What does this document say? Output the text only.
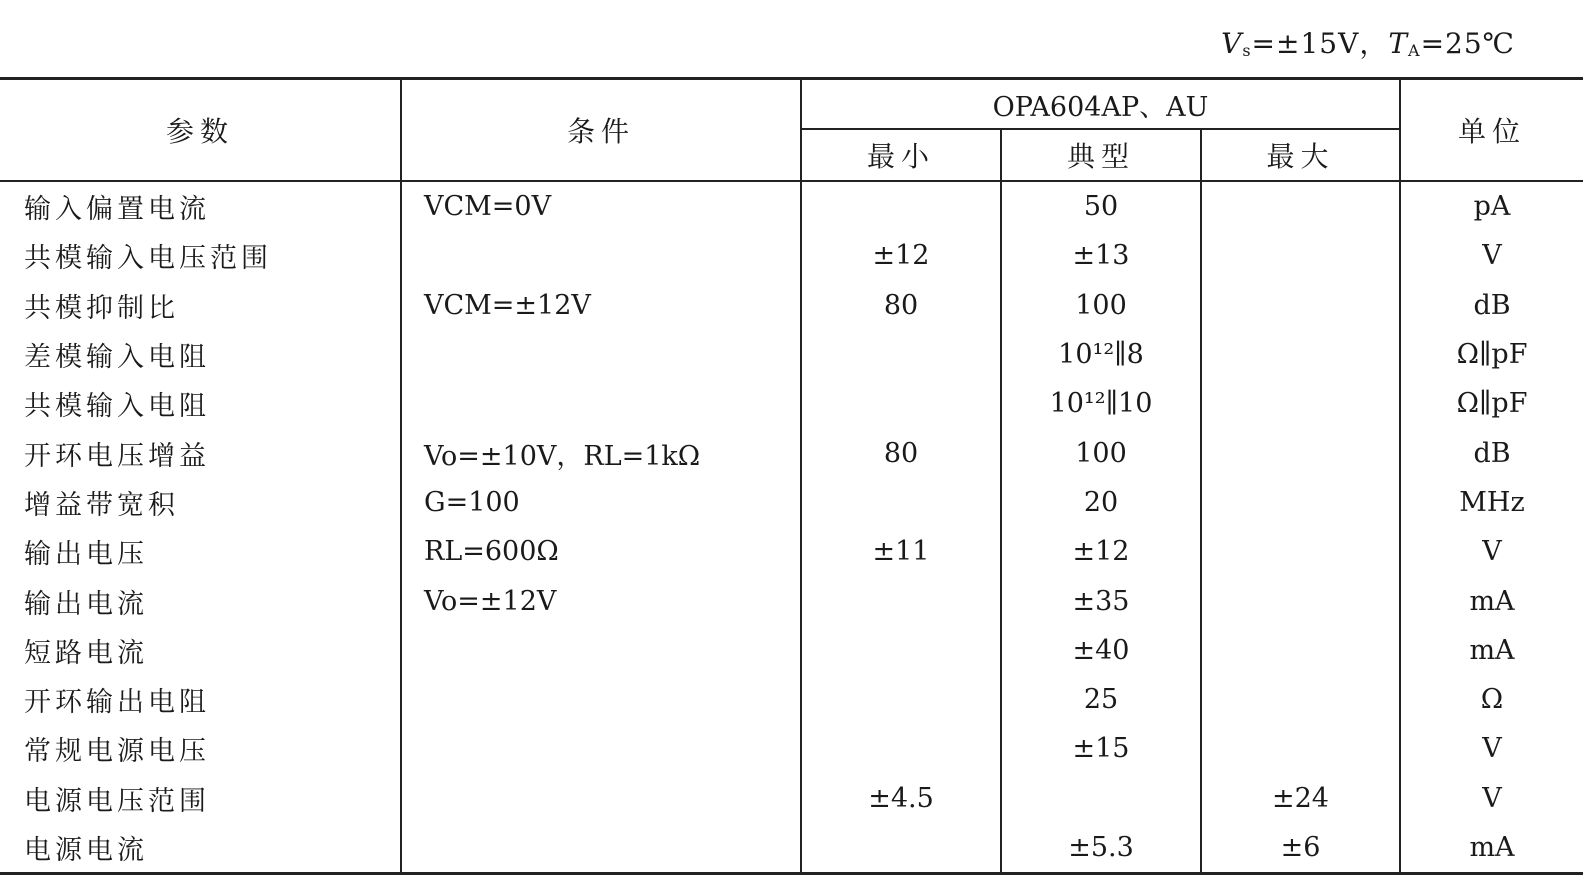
$V_s=\pm 15V$，$T_A=25℃$
参数	条件	OPA604AP、AU			单位
		最小	典型	最大	
输入偏置电流	VCM=0V		50		pA
共模输入电压范围		±12	±13		V
共模抑制比	VCM=±12V	80	100		dB
差模输入电阻			10¹²∥8		Ω∥pF
共模输入电阻			10¹²∥10		Ω∥pF
开环电压增益	Vo=±10V，RL=1kΩ	80	100		dB
增益带宽积	G=100		20		MHz
输出电压	RL=600Ω	±11	±12		V
输出电流	Vo=±12V		±35		mA
短路电流			±40		mA
开环输出电阻			25		Ω
常规电源电压			±15		V
电源电压范围		±4.5		±24	V
电源电流			±5.3	±6	mA
